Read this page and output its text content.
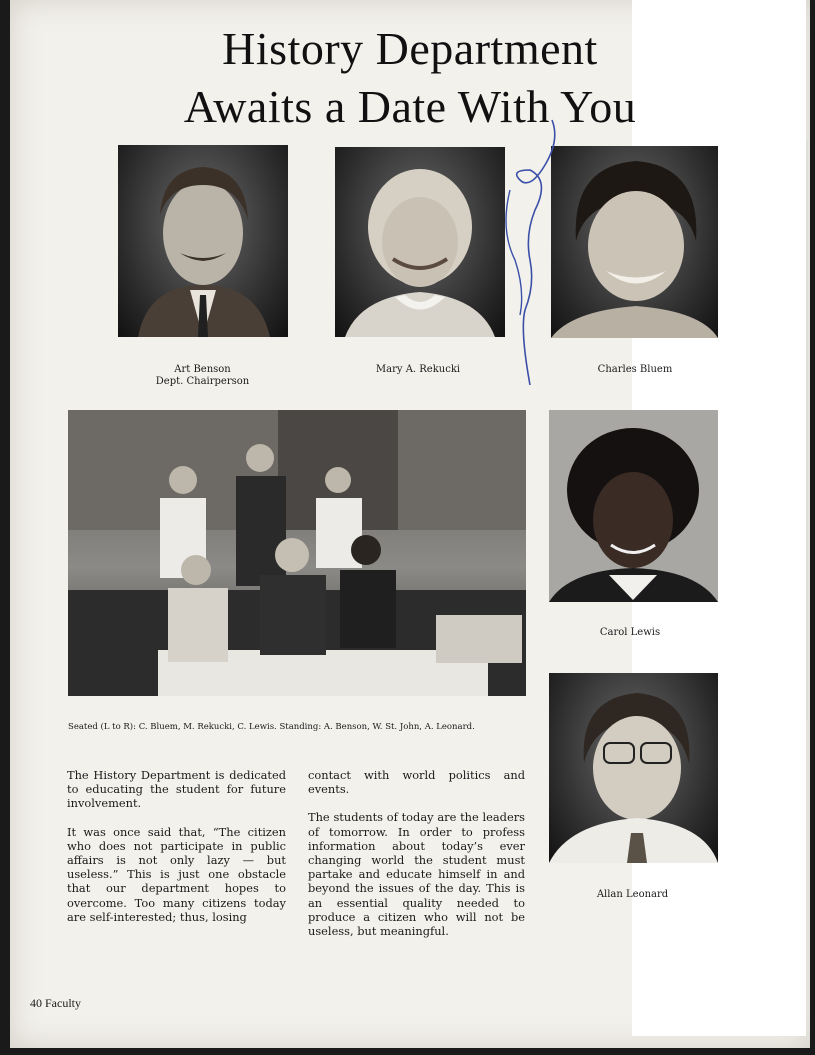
History Department
Awaits a Date With You
Art Benson
Dept. Chairperson
Mary A. Rekucki	Charles Bluem
Seated (L to R): C. Bluem, M. Rekucki, C. Lewis. Standing: A. Benson, W. St. John, A. Leonard.
Carol Lewis
Allan Leonard

The History Department is dedicated to educating the student for future involvement.

It was once said that, “The citizen who does not participate in public affairs is not only lazy — but useless.” This is just one obstacle that our department hopes to overcome. Too many citizens today are self-interested; thus, losing

contact with world politics and events.

The students of today are the leaders of tomorrow. In order to profess information about today’s ever changing world the student must partake and educate himself in and beyond the issues of the day. This is an essential quality needed to produce a citizen who will not be useless, but meaningful.

40 Faculty
